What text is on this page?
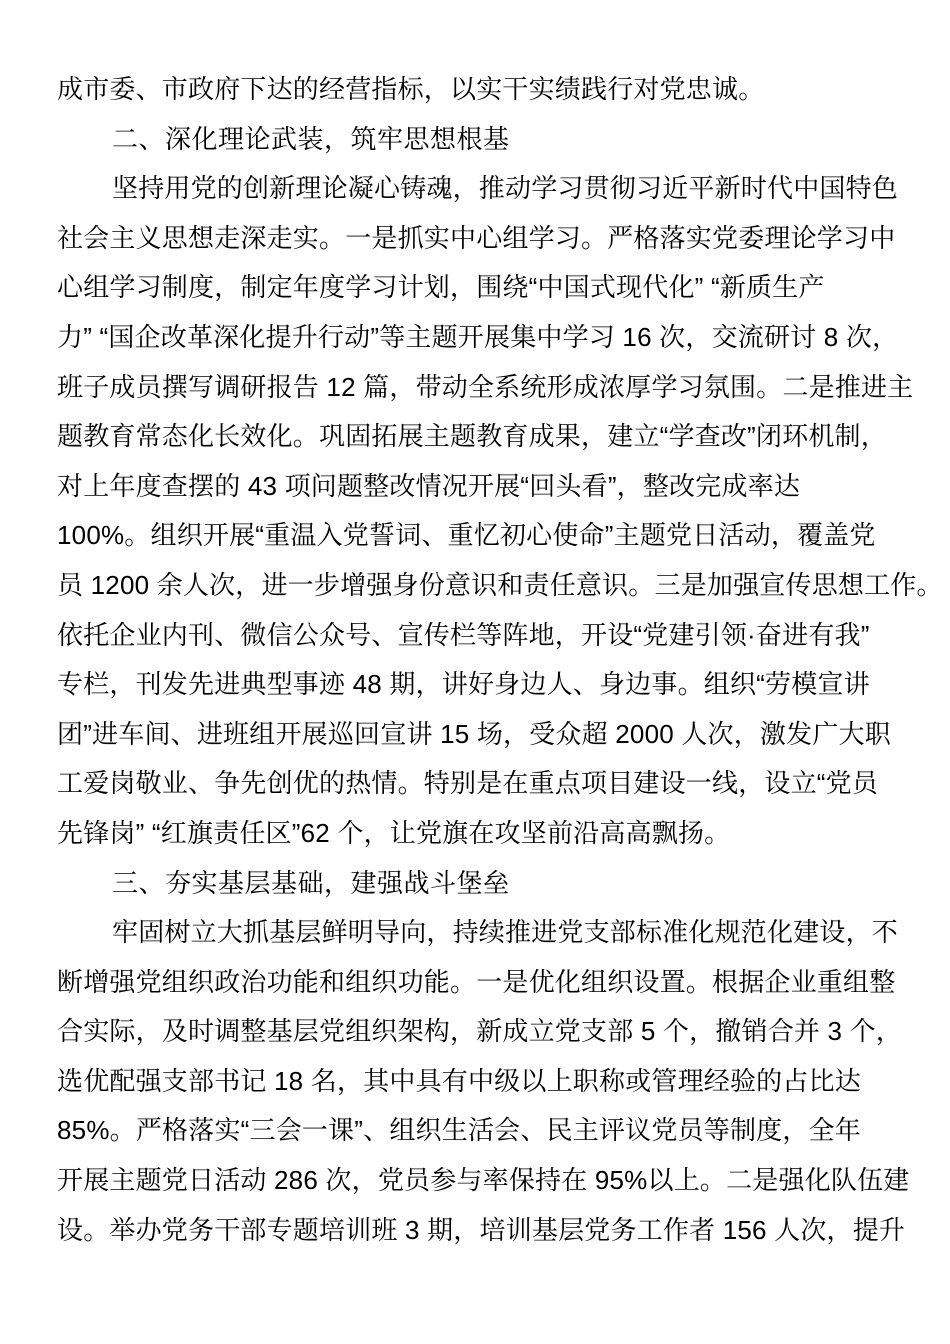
成市委、市政府下达的经营指标，以实干实绩践行对党忠诚。
二、深化理论武装，筑牢思想根基
坚持用党的创新理论凝心铸魂，推动学习贯彻习近平新时代中国特色
社会主义思想走深走实。一是抓实中心组学习。严格落实党委理论学习中
心组学习制度，制定年度学习计划，围绕“中国式现代化” “新质生产
力” “国企改革深化提升行动”等主题开展集中学习 16 次，交流研讨 8 次，
班子成员撰写调研报告 12 篇，带动全系统形成浓厚学习氛围。二是推进主
题教育常态化长效化。巩固拓展主题教育成果，建立“学查改”闭环机制，
对上年度查摆的 43 项问题整改情况开展“回头看”，整改完成率达
100%。组织开展“重温入党誓词、重忆初心使命”主题党日活动，覆盖党
员 1200 余人次，进一步增强身份意识和责任意识。三是加强宣传思想工作。
依托企业内刊、微信公众号、宣传栏等阵地，开设“党建引领·奋进有我”
专栏，刊发先进典型事迹 48 期，讲好身边人、身边事。组织“劳模宣讲
团”进车间、进班组开展巡回宣讲 15 场，受众超 2000 人次，激发广大职
工爱岗敬业、争先创优的热情。特别是在重点项目建设一线，设立“党员
先锋岗” “红旗责任区”62 个，让党旗在攻坚前沿高高飘扬。
三、夯实基层基础，建强战斗堡垒
牢固树立大抓基层鲜明导向，持续推进党支部标准化规范化建设，不
断增强党组织政治功能和组织功能。一是优化组织设置。根据企业重组整
合实际，及时调整基层党组织架构，新成立党支部 5 个，撤销合并 3 个，
选优配强支部书记 18 名，其中具有中级以上职称或管理经验的占比达
85%。严格落实“三会一课”、组织生活会、民主评议党员等制度，全年
开展主题党日活动 286 次，党员参与率保持在 95%以上。二是强化队伍建
设。举办党务干部专题培训班 3 期，培训基层党务工作者 156 人次，提升
